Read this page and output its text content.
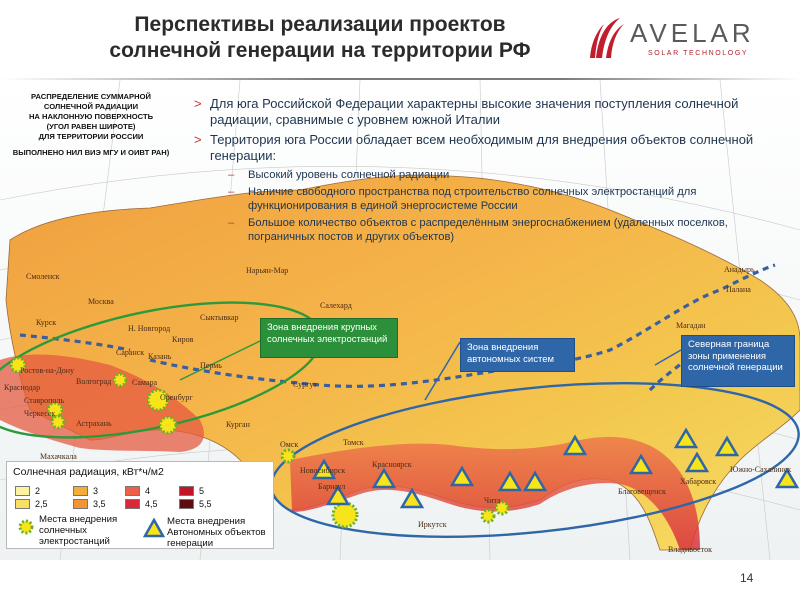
Перспективы реализации проектов
солнечной генерации на территории РФ
AVELAR
SOLAR TECHNOLOGY
Салехард
Магадан
Владивосток
Южно-Сахалинск
Сургут
Томск
Красноярск
Иркутск
Барнаул
Чита
Благовещенск
Хабаровск
Новосибирск
Самара
Сыктывкар
Москва
Курск
Оренбург
Астрахань
Махачкала
Ростов-на-Дону
Волгоград
Краснодар
Ставрополь
Черкесск
Пермь
Киров
Казань
Н. Новгород
Саранск
Смоленск
Анадырь
Палана
Курган
Омск
Нарьян-Мар
Зона внедрения крупных солнечных электростанций
Зона внедрения автономных систем
Северная граница зоны применения солнечной генерации
РАСПРЕДЕЛЕНИЕ СУММАРНОЙ
СОЛНЕЧНОЙ РАДИАЦИИ
НА НАКЛОННУЮ ПОВЕРХНОСТЬ
(УГОЛ РАВЕН ШИРОТЕ)
ДЛЯ ТЕРРИТОРИИ РОССИИ
ВЫПОЛНЕНО НИЛ ВИЭ МГУ И ОИВТ РАН)
> Для юга Российской Федерации характерны высокие значения поступления солнечной радиации, сравнимые с уровнем южной Италии
> Территория юга России обладает всем необходимым для внедрения объектов солнечной генерации:
– Высокий уровень солнечной радиации
– Наличие свободного пространства под строительство солнечных электростанций для функционирования в единой энергосистеме России
– Большое количество объектов с распределённым энергоснабжением (удаленных поселков, пограничных постов и других объектов)
Солнечная радиация, кВт*ч/м2
2
2,5
3
3,5
4
4,5
5
5,5
Места внедрения солнечных электростанций
Места внедрения Автономных объектов генерации
14
